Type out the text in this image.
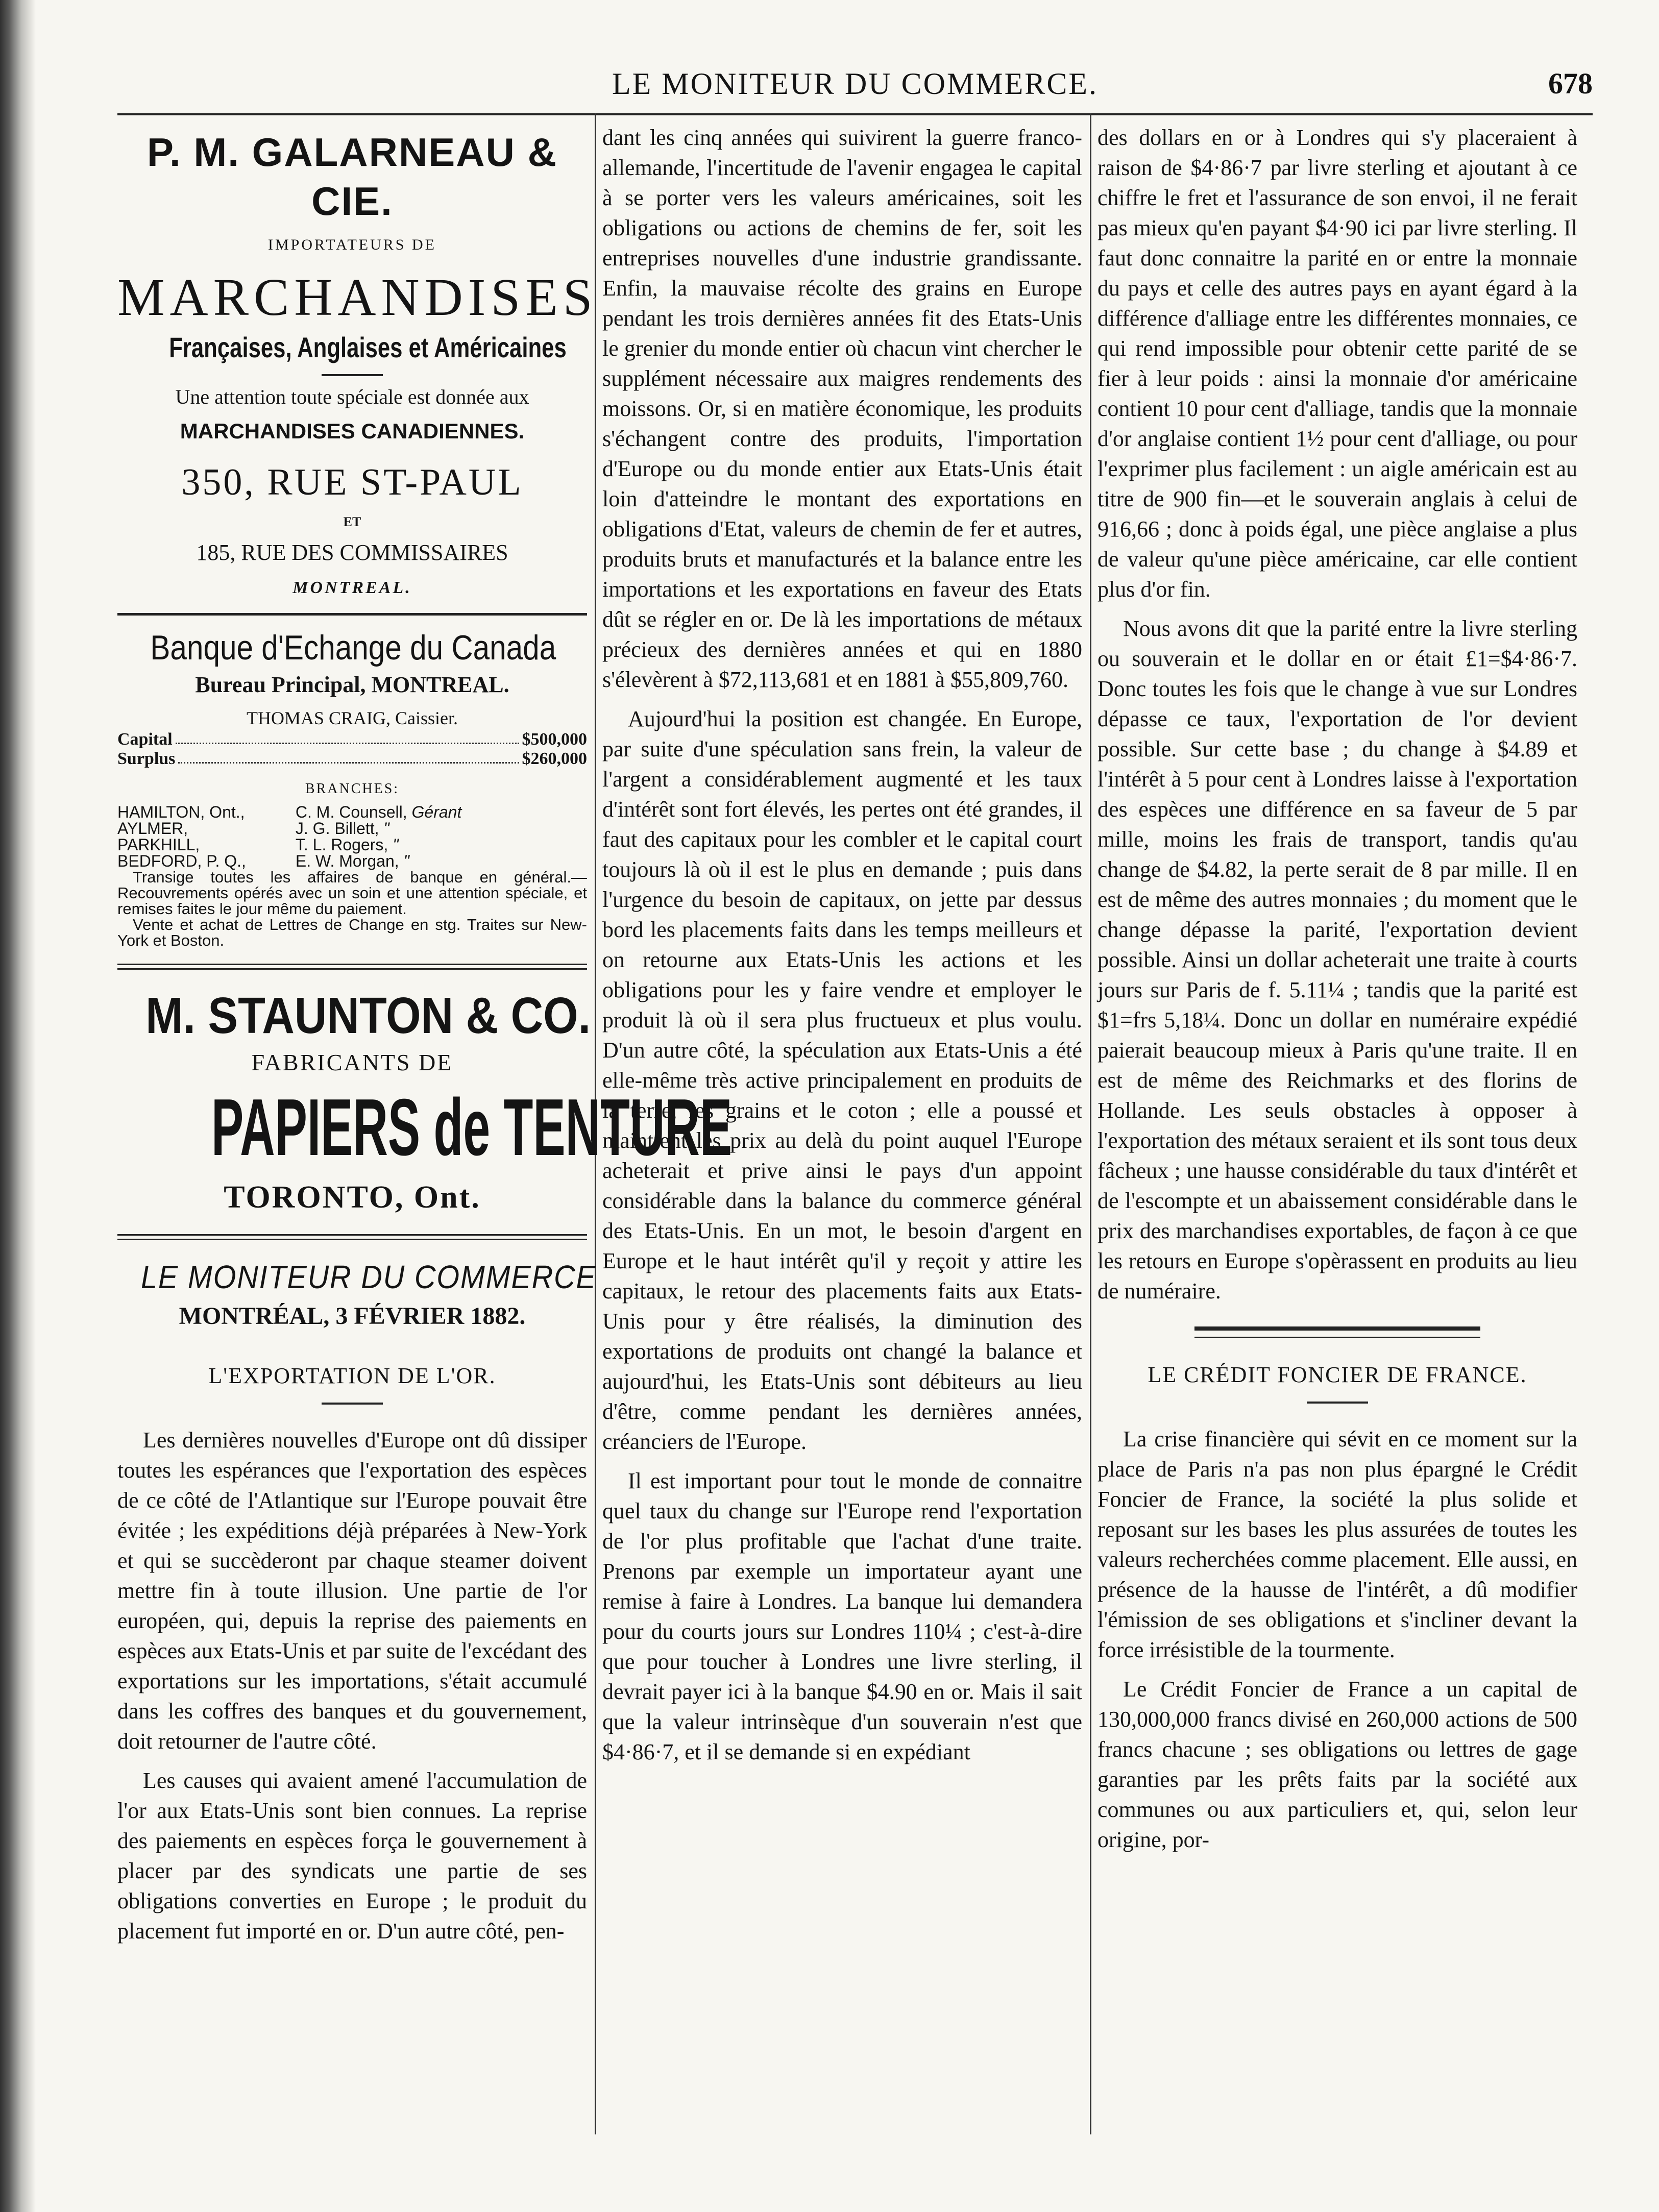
LE MONITEUR DU COMMERCE.	678
P. M. GALARNEAU & CIE.
IMPORTATEURS DE
MARCHANDISES
Françaises, Anglaises et Américaines
Une attention toute spéciale est donnée aux
MARCHANDISES CANADIENNES.
350, RUE ST-PAUL
ET
185, RUE DES COMMISSAIRES
MONTREAL.
Banque d'Echange du Canada
Bureau Principal, MONTREAL.
THOMAS CRAIG, Caissier.
Capital	$500,000
Surplus	$260,000
BRANCHES:
HAMILTON, Ont.,	C. M. Counsell, Gérant
AYLMER,	J. G. Billett, "
PARKHILL,	T. L. Rogers, "
BEDFORD, P. Q.,	E. W. Morgan, "
Transige toutes les affaires de banque en général.—Recouvrements opérés avec un soin et une attention spéciale, et remises faites le jour même du paiement.
Vente et achat de Lettres de Change en stg. Traites sur New-York et Boston.
M. STAUNTON & CO.
FABRICANTS DE
PAPIERS de TENTURE
TORONTO, Ont.
LE MONITEUR DU COMMERCE
MONTRÉAL, 3 FÉVRIER 1882.
L'EXPORTATION DE L'OR.

Les dernières nouvelles d'Europe ont dû dissiper toutes les espérances que l'exportation des espèces de ce côté de l'Atlantique sur l'Europe pouvait être évitée ; les expéditions déjà préparées à New-York et qui se succèderont par chaque steamer doivent mettre fin à toute illusion. Une partie de l'or européen, qui, depuis la reprise des paiements en espèces aux Etats-Unis et par suite de l'excédant des exportations sur les importations, s'était accumulé dans les coffres des banques et du gouvernement, doit retourner de l'autre côté.

Les causes qui avaient amené l'accumulation de l'or aux Etats-Unis sont bien connues. La reprise des paiements en espèces força le gouvernement à placer par des syndicats une partie de ses obligations converties en Europe ; le produit du placement fut importé en or. D'un autre côté, pen-

dant les cinq années qui suivirent la guerre franco-allemande, l'incertitude de l'avenir engagea le capital à se porter vers les valeurs américaines, soit les obligations ou actions de chemins de fer, soit les entreprises nouvelles d'une industrie grandissante. Enfin, la mauvaise récolte des grains en Europe pendant les trois dernières années fit des Etats-Unis le grenier du monde entier où chacun vint chercher le supplément nécessaire aux maigres rendements des moissons. Or, si en matière économique, les produits s'échangent contre des produits, l'importation d'Europe ou du monde entier aux Etats-Unis était loin d'atteindre le montant des exportations en obligations d'Etat, valeurs de chemin de fer et autres, produits bruts et manufacturés et la balance entre les importations et les exportations en faveur des Etats dût se régler en or. De là les importations de métaux précieux des dernières années et qui en 1880 s'élevèrent à $72,113,681 et en 1881 à $55,809,760.

Aujourd'hui la position est changée. En Europe, par suite d'une spéculation sans frein, la valeur de l'argent a considérablement augmenté et les taux d'intérêt sont fort élevés, les pertes ont été grandes, il faut des capitaux pour les combler et le capital court toujours là où il est le plus en demande ; puis dans l'urgence du besoin de capitaux, on jette par dessus bord les placements faits dans les temps meilleurs et on retourne aux Etats-Unis les actions et les obligations pour les y faire vendre et employer le produit là où il sera plus fructueux et plus voulu. D'un autre côté, la spéculation aux Etats-Unis a été elle-même très active principalement en produits de la terre, les grains et le coton ; elle a poussé et maintient les prix au delà du point auquel l'Europe acheterait et prive ainsi le pays d'un appoint considérable dans la balance du commerce général des Etats-Unis. En un mot, le besoin d'argent en Europe et le haut intérêt qu'il y reçoit y attire les capitaux, le retour des placements faits aux Etats-Unis pour y être réalisés, la diminution des exportations de produits ont changé la balance et aujourd'hui, les Etats-Unis sont débiteurs au lieu d'être, comme pendant les dernières années, créanciers de l'Europe.

Il est important pour tout le monde de connaitre quel taux du change sur l'Europe rend l'exportation de l'or plus profitable que l'achat d'une traite. Prenons par exemple un importateur ayant une remise à faire à Londres. La banque lui demandera pour du courts jours sur Londres 110¼ ; c'est-à-dire que pour toucher à Londres une livre sterling, il devrait payer ici à la banque $4.90 en or. Mais il sait que la valeur intrinsèque d'un souverain n'est que $4·86·7, et il se demande si en expédiant

des dollars en or à Londres qui s'y placeraient à raison de $4·86·7 par livre sterling et ajoutant à ce chiffre le fret et l'assurance de son envoi, il ne ferait pas mieux qu'en payant $4·90 ici par livre sterling. Il faut donc connaitre la parité en or entre la monnaie du pays et celle des autres pays en ayant égard à la différence d'alliage entre les différentes monnaies, ce qui rend impossible pour obtenir cette parité de se fier à leur poids : ainsi la monnaie d'or américaine contient 10 pour cent d'alliage, tandis que la monnaie d'or anglaise contient 1½ pour cent d'alliage, ou pour l'exprimer plus facilement : un aigle américain est au titre de 900 fin—et le souverain anglais à celui de 916,66 ; donc à poids égal, une pièce anglaise a plus de valeur qu'une pièce américaine, car elle contient plus d'or fin.

Nous avons dit que la parité entre la livre sterling ou souverain et le dollar en or était £1=$4·86·7. Donc toutes les fois que le change à vue sur Londres dépasse ce taux, l'exportation de l'or devient possible. Sur cette base ; du change à $4.89 et l'intérêt à 5 pour cent à Londres laisse à l'exportation des espèces une différence en sa faveur de 5 par mille, moins les frais de transport, tandis qu'au change de $4.82, la perte serait de 8 par mille. Il en est de même des autres monnaies ; du moment que le change dépasse la parité, l'exportation devient possible. Ainsi un dollar acheterait une traite à courts jours sur Paris de f. 5.11¼ ; tandis que la parité est $1=frs 5,18¼. Donc un dollar en numéraire expédié paierait beaucoup mieux à Paris qu'une traite. Il en est de même des Reichmarks et des florins de Hollande. Les seuls obstacles à opposer à l'exportation des métaux seraient et ils sont tous deux fâcheux ; une hausse considérable du taux d'intérêt et de l'escompte et un abaissement considérable dans le prix des marchandises exportables, de façon à ce que les retours en Europe s'opèrassent en produits au lieu de numéraire.

LE CRÉDIT FONCIER DE FRANCE.

La crise financière qui sévit en ce moment sur la place de Paris n'a pas non plus épargné le Crédit Foncier de France, la société la plus solide et reposant sur les bases les plus assurées de toutes les valeurs recherchées comme placement. Elle aussi, en présence de la hausse de l'intérêt, a dû modifier l'émission de ses obligations et s'incliner devant la force irrésistible de la tourmente.

Le Crédit Foncier de France a un capital de 130,000,000 francs divisé en 260,000 actions de 500 francs chacune ; ses obligations ou lettres de gage garanties par les prêts faits par la société aux communes ou aux particuliers et, qui, selon leur origine, por-
